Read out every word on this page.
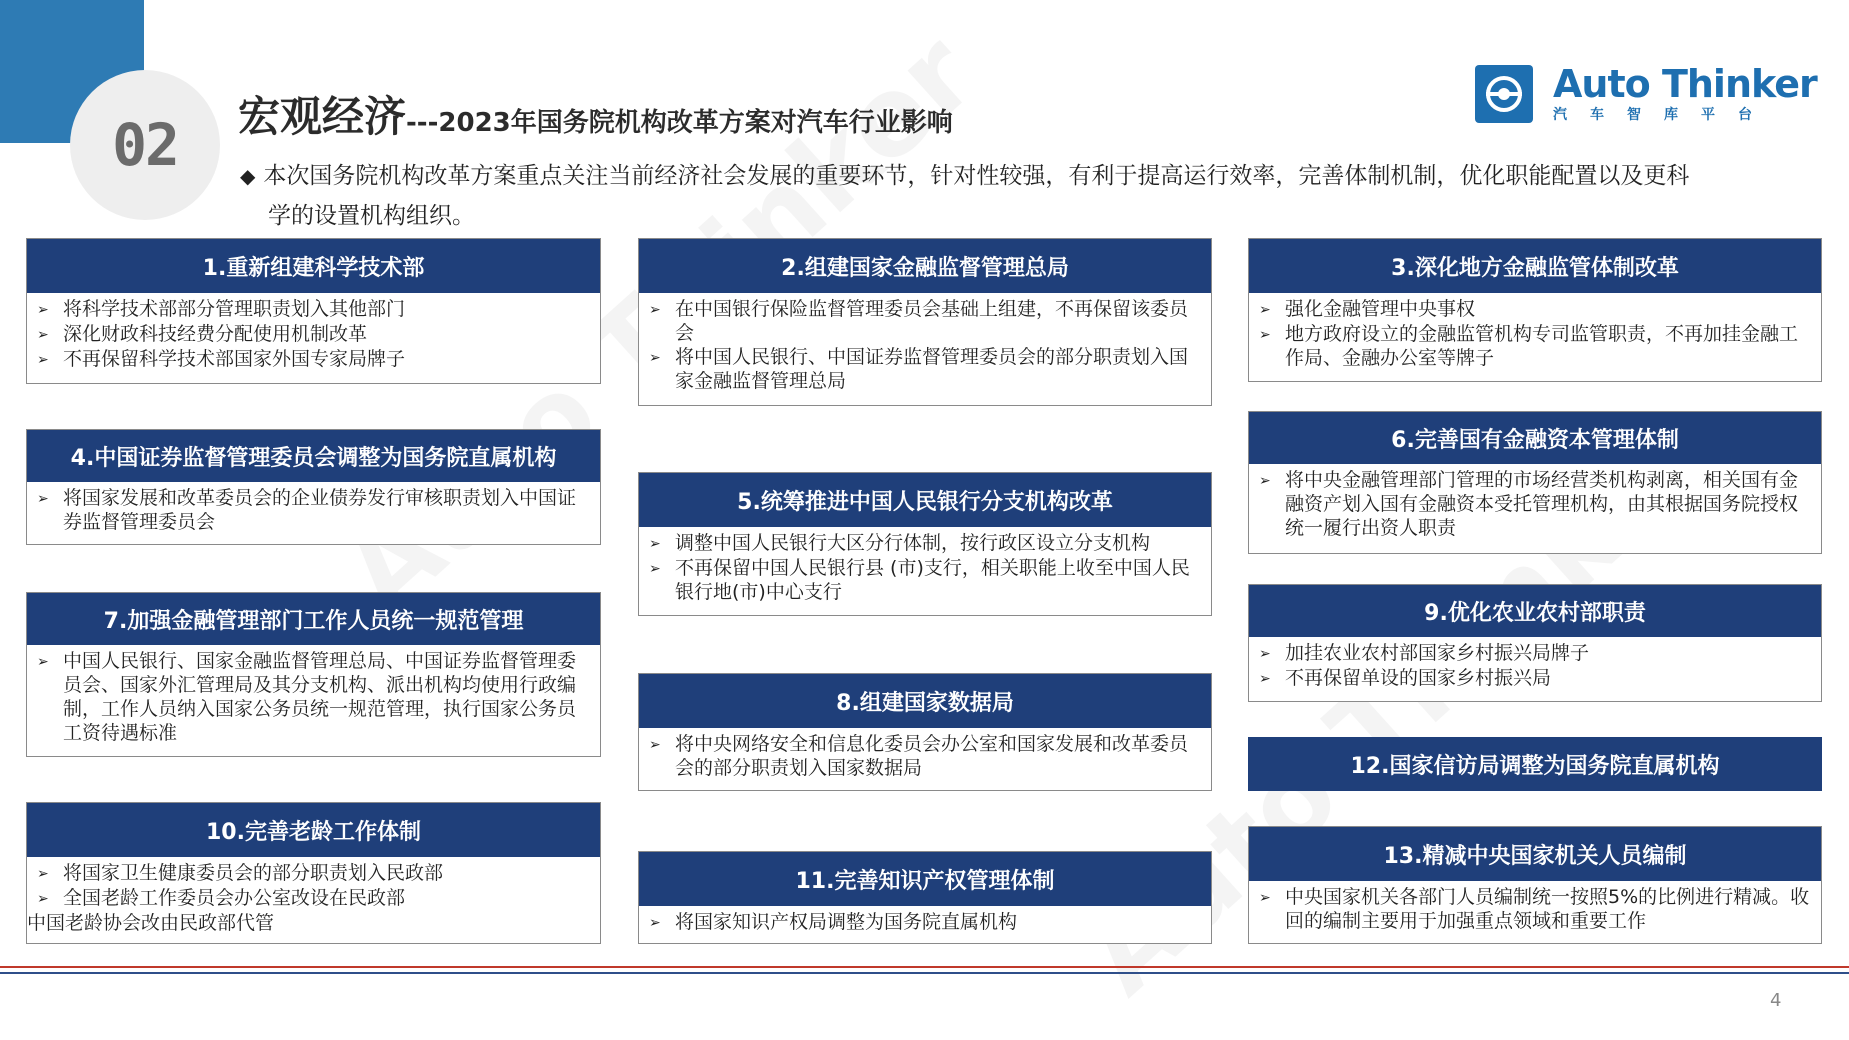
02 宏观经济 ---2023年国务院机构改革方案对汽车行业影响
Auto Thinker
汽车智库平台
◆ 本次国务院机构改革方案重点关注当前经济社会发展的重要环节，针对性较强，有利于提高运行效率，完善体制机制，优化职能配置以及更科
学的设置机构组织。
1.重新组建科学技术部
➢ 将科学技术部部分管理职责划入其他部门
➢ 深化财政科技经费分配使用机制改革
➢ 不再保留科学技术部国家外国专家局牌子
4.中国证券监督管理委员会调整为国务院直属机构
➢ 将国家发展和改革委员会的企业债券发行审核职责划入中国证券监督管理委员会
7.加强金融管理部门工作人员统一规范管理
➢ 中国人民银行、国家金融监督管理总局、中国证券监督管理委员会、国家外汇管理局及其分支机构、派出机构均使用行政编制，工作人员纳入国家公务员统一规范管理，执行国家公务员工资待遇标准
10.完善老龄工作体制
➢ 将国家卫生健康委员会的部分职责划入民政部
➢ 全国老龄工作委员会办公室改设在民政部
中国老龄协会改由民政部代管
2.组建国家金融监督管理总局
➢ 在中国银行保险监督管理委员会基础上组建，不再保留该委员会
➢ 将中国人民银行、中国证券监督管理委员会的部分职责划入国家金融监督管理总局
5.统筹推进中国人民银行分支机构改革
➢ 调整中国人民银行大区分行体制，按行政区设立分支机构
➢ 不再保留中国人民银行县 (市)支行，相关职能上收至中国人民银行地(市)中心支行
8.组建国家数据局
➢ 将中央网络安全和信息化委员会办公室和国家发展和改革委员会的部分职责划入国家数据局
11.完善知识产权管理体制
➢ 将国家知识产权局调整为国务院直属机构
3.深化地方金融监管体制改革
➢ 强化金融管理中央事权
➢ 地方政府设立的金融监管机构专司监管职责，不再加挂金融工作局、金融办公室等牌子
6.完善国有金融资本管理体制
➢ 将中央金融管理部门管理的市场经营类机构剥离，相关国有金融资产划入国有金融资本受托管理机构，由其根据国务院授权统一履行出资人职责
9.优化农业农村部职责
➢ 加挂农业农村部国家乡村振兴局牌子
➢ 不再保留单设的国家乡村振兴局
12.国家信访局调整为国务院直属机构
13.精减中央国家机关人员编制
➢ 中央国家机关各部门人员编制统一按照5%的比例进行精减。收回的编制主要用于加强重点领域和重要工作
4
